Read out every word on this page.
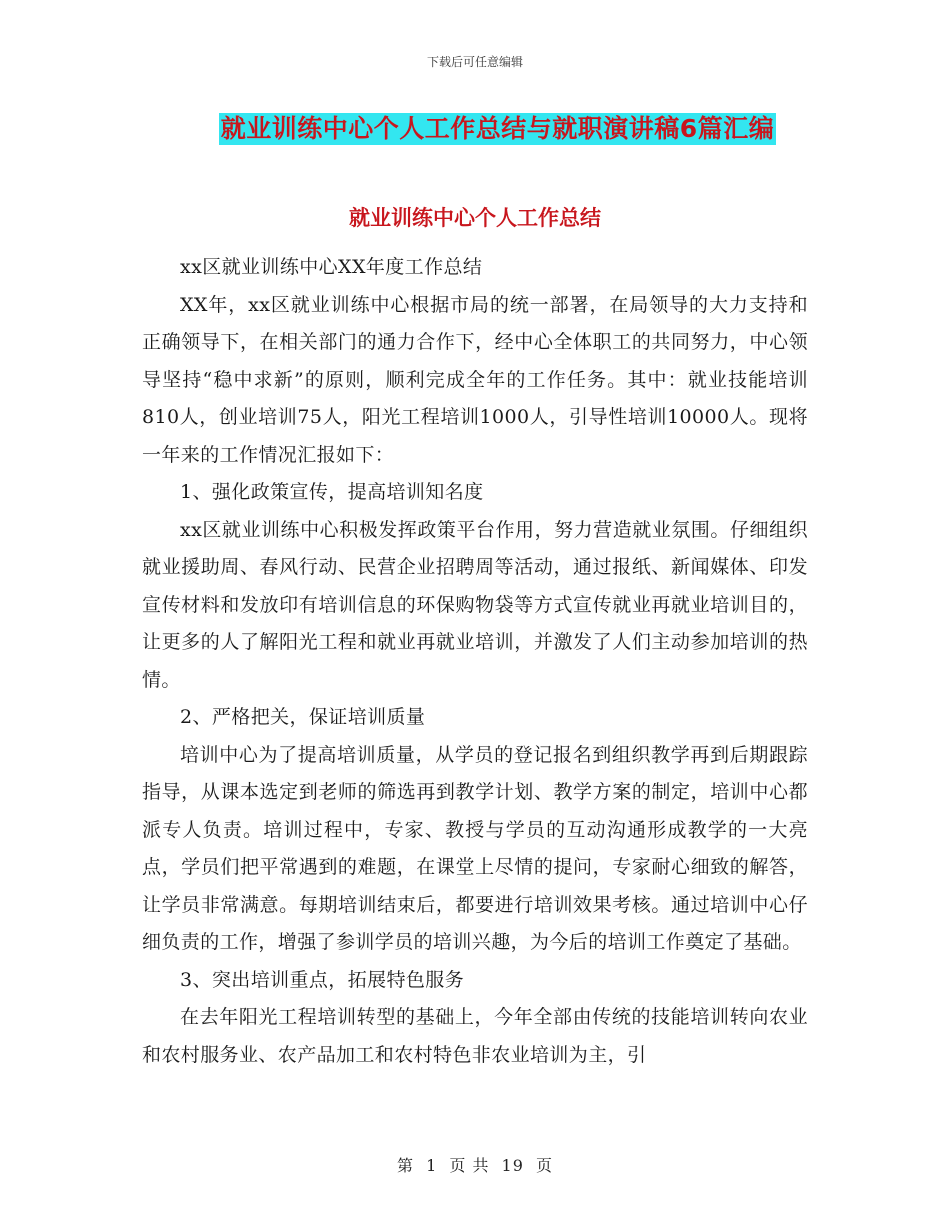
下载后可任意编辑
就业训练中心个人工作总结与就职演讲稿6篇汇编
就业训练中心个人工作总结

xx区就业训练中心XX年度工作总结

XX年，xx区就业训练中心根据市局的统一部署，在局领导的大力支持和正确领导下，在相关部门的通力合作下，经中心全体职工的共同努力，中心领导坚持“稳中求新”的原则，顺利完成全年的工作任务。其中：就业技能培训810人，创业培训75人，阳光工程培训1000人，引导性培训10000人。现将一年来的工作情况汇报如下：

1、强化政策宣传，提高培训知名度

xx区就业训练中心积极发挥政策平台作用，努力营造就业氛围。仔细组织就业援助周、春风行动、民营企业招聘周等活动，通过报纸、新闻媒体、印发宣传材料和发放印有培训信息的环保购物袋等方式宣传就业再就业培训目的，让更多的人了解阳光工程和就业再就业培训，并激发了人们主动参加培训的热情。

2、严格把关，保证培训质量

培训中心为了提高培训质量，从学员的登记报名到组织教学再到后期跟踪指导，从课本选定到老师的筛选再到教学计划、教学方案的制定，培训中心都派专人负责。培训过程中，专家、教授与学员的互动沟通形成教学的一大亮点，学员们把平常遇到的难题，在课堂上尽情的提问，专家耐心细致的解答，让学员非常满意。每期培训结束后，都要进行培训效果考核。通过培训中心仔细负责的工作，增强了参训学员的培训兴趣，为今后的培训工作奠定了基础。

3、突出培训重点，拓展特色服务

在去年阳光工程培训转型的基础上，今年全部由传统的技能培训转向农业和农村服务业、农产品加工和农村特色非农业培训为主，引

第 1 页 共 19 页
